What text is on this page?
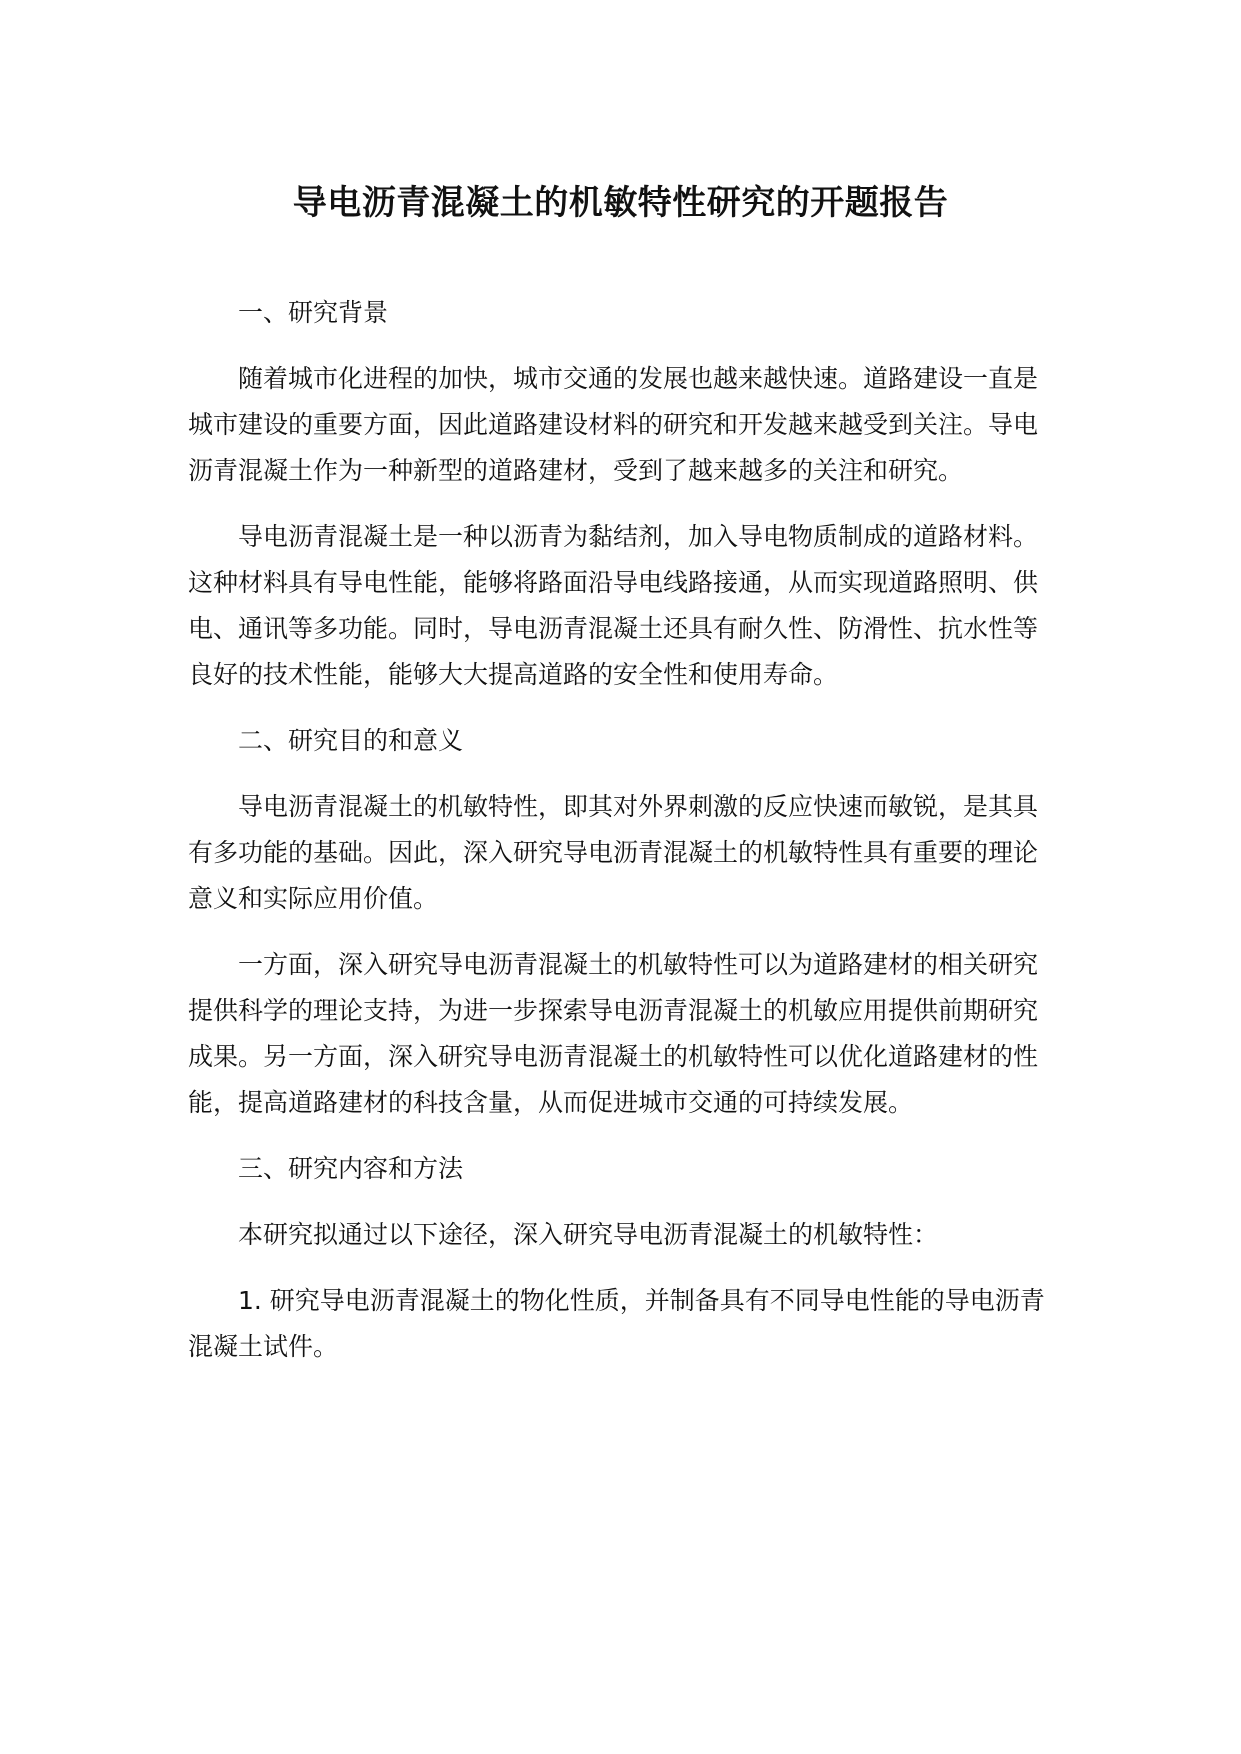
导电沥青混凝土的机敏特性研究的开题报告

一、研究背景

随着城市化进程的加快，城市交通的发展也越来越快速。道路建设一直是城市建设的重要方面，因此道路建设材料的研究和开发越来越受到关注。导电沥青混凝土作为一种新型的道路建材，受到了越来越多的关注和研究。

导电沥青混凝土是一种以沥青为黏结剂，加入导电物质制成的道路材料。这种材料具有导电性能，能够将路面沿导电线路接通，从而实现道路照明、供电、通讯等多功能。同时，导电沥青混凝土还具有耐久性、防滑性、抗水性等良好的技术性能，能够大大提高道路的安全性和使用寿命。

二、研究目的和意义

导电沥青混凝土的机敏特性，即其对外界刺激的反应快速而敏锐，是其具有多功能的基础。因此，深入研究导电沥青混凝土的机敏特性具有重要的理论意义和实际应用价值。

一方面，深入研究导电沥青混凝土的机敏特性可以为道路建材的相关研究提供科学的理论支持，为进一步探索导电沥青混凝土的机敏应用提供前期研究成果。另一方面，深入研究导电沥青混凝土的机敏特性可以优化道路建材的性能，提高道路建材的科技含量，从而促进城市交通的可持续发展。

三、研究内容和方法

本研究拟通过以下途径，深入研究导电沥青混凝土的机敏特性：

1. 研究导电沥青混凝土的物化性质，并制备具有不同导电性能的导电沥青混凝土试件。
